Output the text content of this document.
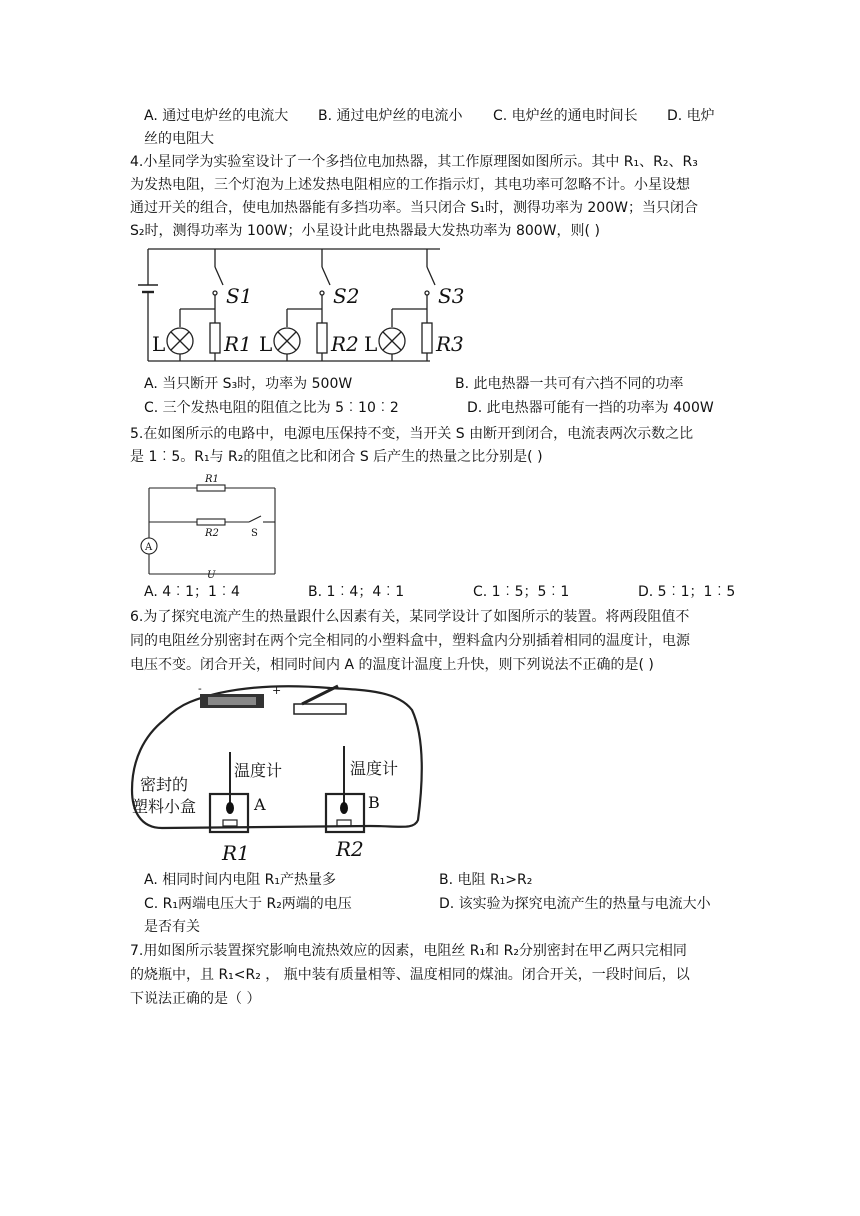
A. 通过电炉丝的电流大 B. 通过电炉丝的电流小 C. 电炉丝的通电时间长 D. 电炉
丝的电阻大
4.小星同学为实验室设计了一个多挡位电加热器，其工作原理图如图所示。其中 R₁、R₂、R₃
为发热电阻，三个灯泡为上述发热电阻相应的工作指示灯，其电功率可忽略不计。小星设想
通过开关的组合，使电加热器能有多挡功率。当只闭合 S₁时，测得功率为 200W；当只闭合
S₂时，测得功率为 100W；小星设计此电热器最大发热功率为 800W，则( )
S1	S2	S3
L	L	L
R1	R2	R3
A. 当只断开 S₃时，功率为 500W	B. 此电热器一共可有六挡不同的功率
C. 三个发热电阻的阻值之比为 5︰10︰2	D. 此电热器可能有一挡的功率为 400W
5.在如图所示的电路中，电源电压保持不变，当开关 S 由断开到闭合，电流表两次示数之比
是 1︰5。R₁与 R₂的阻值之比和闭合 S 后产生的热量之比分别是( )
R1
R2	S
A
U
A. 4︰1；1︰4	B. 1︰4；4︰1	C. 1︰5；5︰1	D. 5︰1；1︰5
6.为了探究电流产生的热量跟什么因素有关，某同学设计了如图所示的装置。将两段阻值不
同的电阻丝分别密封在两个完全相同的小塑料盒中，塑料盒内分别插着相同的温度计，电源
电压不变。闭合开关，相同时间内 A 的温度计温度上升快，则下列说法不正确的是( )
-	+
温度计	温度计
密封的
塑料小盒	A	B
R1	R2
A. 相同时间内电阻 R₁产热量多	B. 电阻 R₁>R₂
C. R₁两端电压大于 R₂两端的电压	D. 该实验为探究电流产生的热量与电流大小
是否有关
7.用如图所示装置探究影响电流热效应的因素，电阻丝 R₁和 R₂分别密封在甲乙两只完相同
的烧瓶中，且 R₁<R₂ ， 瓶中装有质量相等、温度相同的煤油。闭合开关，一段时间后，以
下说法正确的是（ ）
